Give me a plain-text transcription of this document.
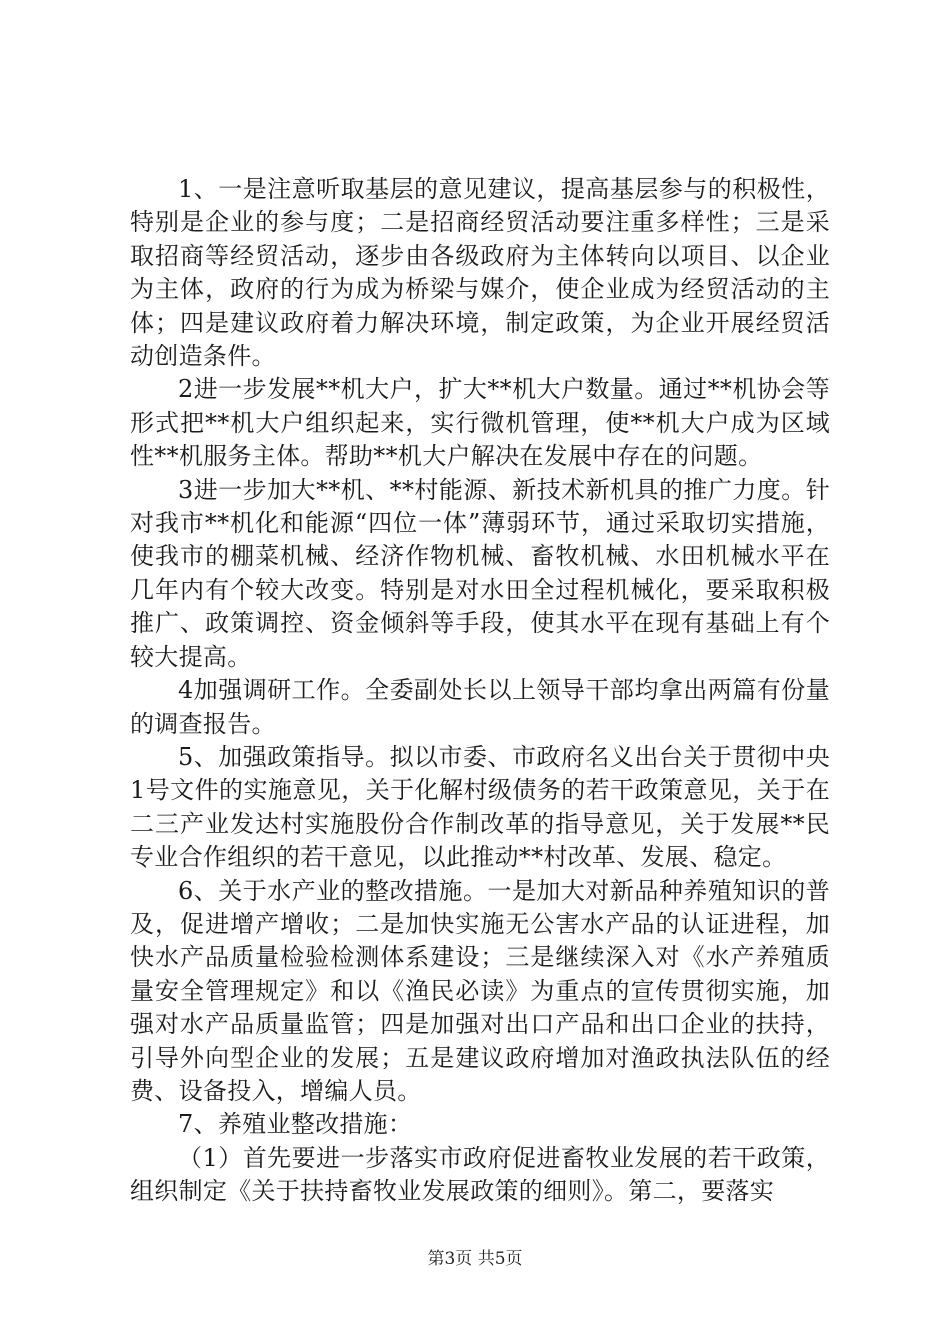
1、一是注意听取基层的意见建议，提高基层参与的积极性，特别是企业的参与度；二是招商经贸活动要注重多样性；三是采取招商等经贸活动，逐步由各级政府为主体转向以项目、以企业为主体，政府的行为成为桥梁与媒介，使企业成为经贸活动的主体；四是建议政府着力解决环境，制定政策，为企业开展经贸活动创造条件。

2进一步发展**机大户，扩大**机大户数量。通过**机协会等形式把**机大户组织起来，实行微机管理，使**机大户成为区域性**机服务主体。帮助**机大户解决在发展中存在的问题。

3进一步加大**机、**村能源、新技术新机具的推广力度。针对我市**机化和能源“四位一体”薄弱环节，通过采取切实措施，使我市的棚菜机械、经济作物机械、畜牧机械、水田机械水平在几年内有个较大改变。特别是对水田全过程机械化，要采取积极推广、政策调控、资金倾斜等手段，使其水平在现有基础上有个较大提高。

4加强调研工作。全委副处长以上领导干部均拿出两篇有份量的调查报告。

5、加强政策指导。拟以市委、市政府名义出台关于贯彻中央1号文件的实施意见，关于化解村级债务的若干政策意见，关于在二三产业发达村实施股份合作制改革的指导意见，关于发展**民专业合作组织的若干意见，以此推动**村改革、发展、稳定。

6、关于水产业的整改措施。一是加大对新品种养殖知识的普及，促进增产增收；二是加快实施无公害水产品的认证进程，加快水产品质量检验检测体系建设；三是继续深入对《水产养殖质量安全管理规定》和以《渔民必读》为重点的宣传贯彻实施，加强对水产品质量监管；四是加强对出口产品和出口企业的扶持，引导外向型企业的发展；五是建议政府增加对渔政执法队伍的经费、设备投入，增编人员。

7、养殖业整改措施：

（1）首先要进一步落实市政府促进畜牧业发展的若干政策，组织制定《关于扶持畜牧业发展政策的细则》。第二，要落实

第3页 共5页
